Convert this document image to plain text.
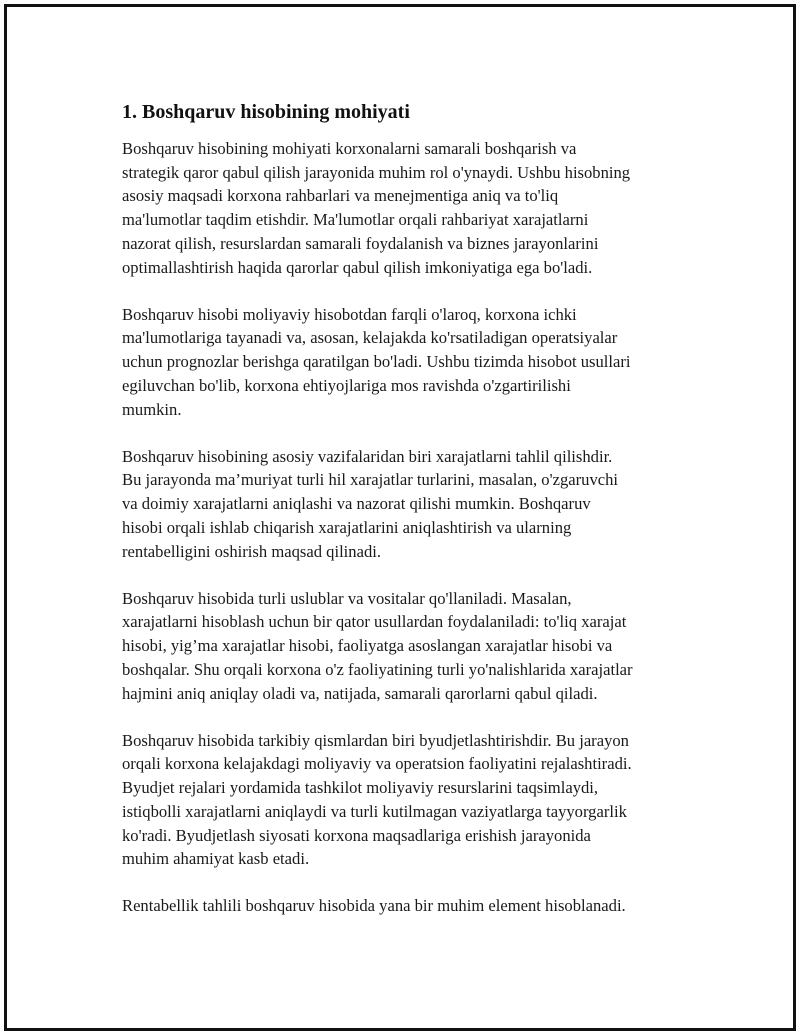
1. Boshqaruv hisobining mohiyati

Boshqaruv hisobining mohiyati korxonalarni samarali boshqarish va
strategik qaror qabul qilish jarayonida muhim rol o'ynaydi. Ushbu hisobning
asosiy maqsadi korxona rahbarlari va menejmentiga aniq va to'liq
ma'lumotlar taqdim etishdir. Ma'lumotlar orqali rahbariyat xarajatlarni
nazorat qilish, resurslardan samarali foydalanish va biznes jarayonlarini
optimallashtirish haqida qarorlar qabul qilish imkoniyatiga ega bo'ladi.

Boshqaruv hisobi moliyaviy hisobotdan farqli o'laroq, korxona ichki
ma'lumotlariga tayanadi va, asosan, kelajakda ko'rsatiladigan operatsiyalar
uchun prognozlar berishga qaratilgan bo'ladi. Ushbu tizimda hisobot usullari
egiluvchan bo'lib, korxona ehtiyojlariga mos ravishda o'zgartirilishi
mumkin.

Boshqaruv hisobining asosiy vazifalaridan biri xarajatlarni tahlil qilishdir.
Bu jarayonda ma’muriyat turli hil xarajatlar turlarini, masalan, o'zgaruvchi
va doimiy xarajatlarni aniqlashi va nazorat qilishi mumkin. Boshqaruv
hisobi orqali ishlab chiqarish xarajatlarini aniqlashtirish va ularning
rentabelligini oshirish maqsad qilinadi.

Boshqaruv hisobida turli uslublar va vositalar qo'llaniladi. Masalan,
xarajatlarni hisoblash uchun bir qator usullardan foydalaniladi: to'liq xarajat
hisobi, yig’ma xarajatlar hisobi, faoliyatga asoslangan xarajatlar hisobi va
boshqalar. Shu orqali korxona o'z faoliyatining turli yo'nalishlarida xarajatlar
hajmini aniq aniqlay oladi va, natijada, samarali qarorlarni qabul qiladi.

Boshqaruv hisobida tarkibiy qismlardan biri byudjetlashtirishdir. Bu jarayon
orqali korxona kelajakdagi moliyaviy va operatsion faoliyatini rejalashtiradi.
Byudjet rejalari yordamida tashkilot moliyaviy resurslarini taqsimlaydi,
istiqbolli xarajatlarni aniqlaydi va turli kutilmagan vaziyatlarga tayyorgarlik
ko'radi. Byudjetlash siyosati korxona maqsadlariga erishish jarayonida
muhim ahamiyat kasb etadi.

Rentabellik tahlili boshqaruv hisobida yana bir muhim element hisoblanadi.
